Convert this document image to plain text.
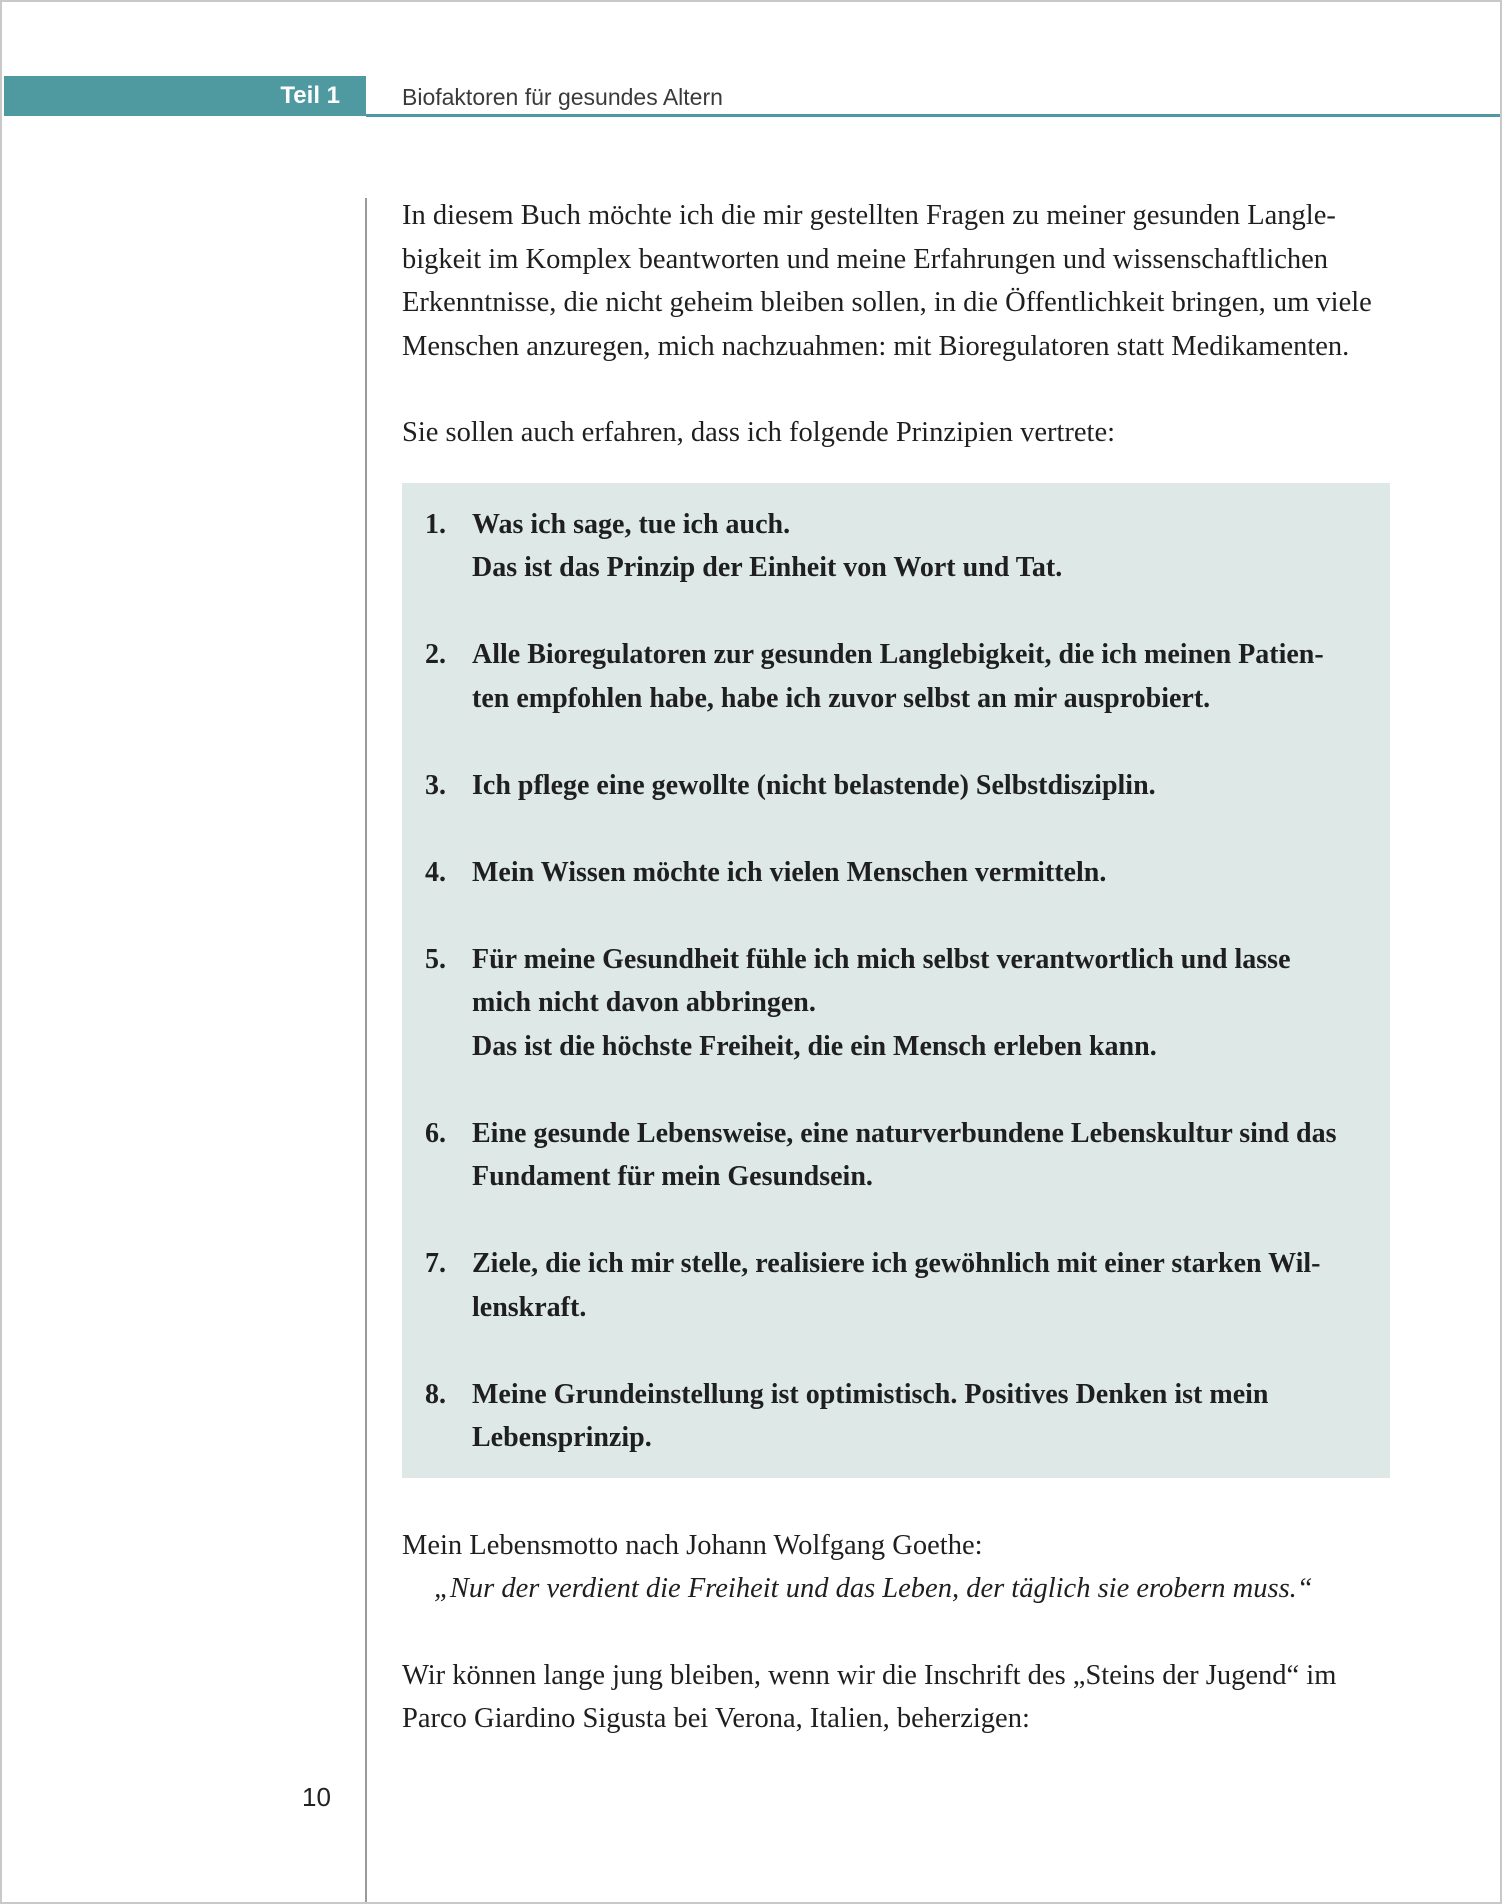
Teil 1	Biofaktoren für gesundes Altern
10
In diesem Buch möchte ich die mir gestellten Fragen zu meiner gesunden Langle-
bigkeit im Komplex beantworten und meine Erfahrungen und wissenschaftlichen
Erkenntnisse, die nicht geheim bleiben sollen, in die Öffentlichkeit bringen, um viele
Menschen anzuregen, mich nachzuahmen: mit Bioregulatoren statt Medikamenten.
Sie sollen auch erfahren, dass ich folgende Prinzipien vertrete:
1. Was ich sage, tue ich auch.
Das ist das Prinzip der Einheit von Wort und Tat.
2. Alle Bioregulatoren zur gesunden Langlebigkeit, die ich meinen Patien-
ten empfohlen habe, habe ich zuvor selbst an mir ausprobiert.
3. Ich pflege eine gewollte (nicht belastende) Selbstdisziplin.
4. Mein Wissen möchte ich vielen Menschen vermitteln.
5. Für meine Gesundheit fühle ich mich selbst verantwortlich und lasse
mich nicht davon abbringen.
Das ist die höchste Freiheit, die ein Mensch erleben kann.
6. Eine gesunde Lebensweise, eine naturverbundene Lebenskultur sind das
Fundament für mein Gesundsein.
7. Ziele, die ich mir stelle, realisiere ich gewöhnlich mit einer starken Wil-
lenskraft.
8. Meine Grundeinstellung ist optimistisch. Positives Denken ist mein
Lebensprinzip.
Mein Lebensmotto nach Johann Wolfgang Goethe:
„Nur der verdient die Freiheit und das Leben, der täglich sie erobern muss.“
Wir können lange jung bleiben, wenn wir die Inschrift des „Steins der Jugend“ im
Parco Giardino Sigusta bei Verona, Italien, beherzigen:
